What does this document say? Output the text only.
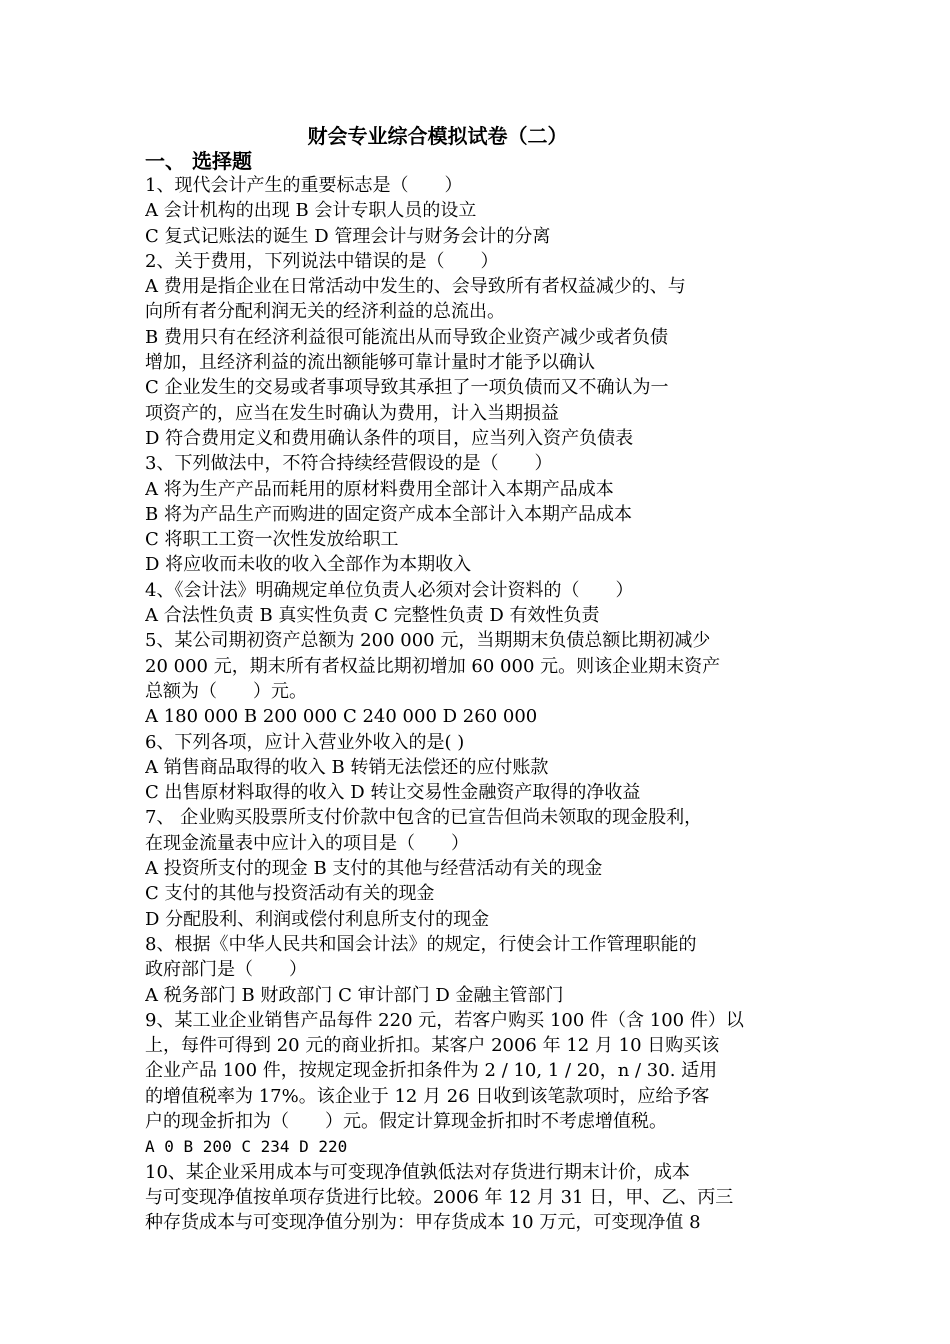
财会专业综合模拟试卷（二）
一、 选择题
1、现代会计产生的重要标志是（　　）
A 会计机构的出现 B 会计专职人员的设立
C 复式记账法的诞生 D 管理会计与财务会计的分离
2、关于费用，下列说法中错误的是（　　）
A 费用是指企业在日常活动中发生的、会导致所有者权益减少的、与
向所有者分配利润无关的经济利益的总流出。
B 费用只有在经济利益很可能流出从而导致企业资产减少或者负债
增加，且经济利益的流出额能够可靠计量时才能予以确认
C 企业发生的交易或者事项导致其承担了一项负债而又不确认为一
项资产的，应当在发生时确认为费用，计入当期损益
D 符合费用定义和费用确认条件的项目，应当列入资产负债表
3、下列做法中，不符合持续经营假设的是（　　）
A 将为生产产品而耗用的原材料费用全部计入本期产品成本
B 将为产品生产而购进的固定资产成本全部计入本期产品成本
C 将职工工资一次性发放给职工
D 将应收而未收的收入全部作为本期收入
4、《会计法》明确规定单位负责人必须对会计资料的（　　）
A 合法性负责 B 真实性负责 C 完整性负责 D 有效性负责
5、某公司期初资产总额为 200 000 元，当期期末负债总额比期初减少
20 000 元，期末所有者权益比期初增加 60 000 元。则该企业期末资产
总额为（　　）元。
A 180 000 B 200 000 C 240 000 D 260 000
6、下列各项，应计入营业外收入的是( )
A 销售商品取得的收入 B 转销无法偿还的应付账款
C 出售原材料取得的收入 D 转让交易性金融资产取得的净收益
7、 企业购买股票所支付价款中包含的已宣告但尚未领取的现金股利，
在现金流量表中应计入的项目是（　　）
A 投资所支付的现金 B 支付的其他与经营活动有关的现金
C 支付的其他与投资活动有关的现金
D 分配股利、利润或偿付利息所支付的现金
8、根据《中华人民共和国会计法》的规定，行使会计工作管理职能的
政府部门是（　　）
A 税务部门 B 财政部门 C 审计部门 D 金融主管部门
9、某工业企业销售产品每件 220 元，若客户购买 100 件（含 100 件）以
上，每件可得到 20 元的商业折扣。某客户 2006 年 12 月 10 日购买该
企业产品 100 件，按规定现金折扣条件为 2 / 10, 1 / 20，n / 30. 适用
的增值税率为 17%。该企业于 12 月 26 日收到该笔款项时，应给予客
户的现金折扣为（　　）元。假定计算现金折扣时不考虑增值税。
A 0 B 200 C 234 D 220
10、某企业采用成本与可变现净值孰低法对存货进行期末计价，成本
与可变现净值按单项存货进行比较。2006 年 12 月 31 日，甲、乙、丙三
种存货成本与可变现净值分别为：甲存货成本 10 万元，可变现净值 8
